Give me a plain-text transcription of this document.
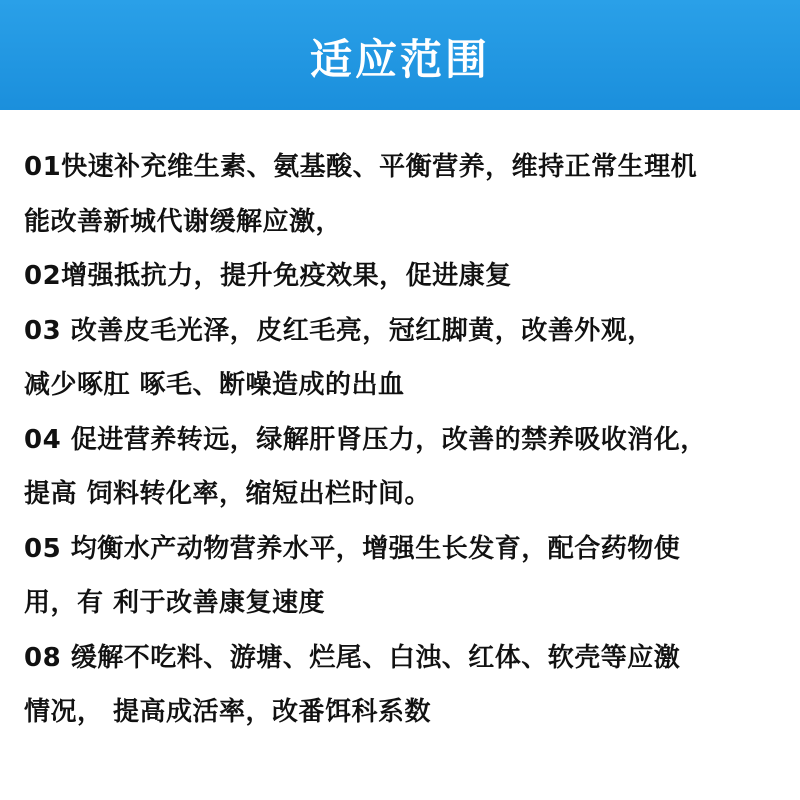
适应范围
01快速补充维生素、氨基酸、平衡营养，维持正常生理机
能改善新城代谢缓解应激，
02增强抵抗力，提升免疫效果，促进康复
03 改善皮毛光泽，皮红毛亮，冠红脚黄，改善外观，
减少啄肛 啄毛、断噪造成的出血
04 促进营养转远，绿解肝肾压力，改善的禁养吸收消化，
提高 饲料转化率，缩短出栏时间。
05 均衡水产动物营养水平，增强生长发育，配合药物使
用，有 利于改善康复速度
08 缓解不吃料、游塘、烂尾、白浊、红体、软壳等应激
情况， 提高成活率，改番饵科系数
